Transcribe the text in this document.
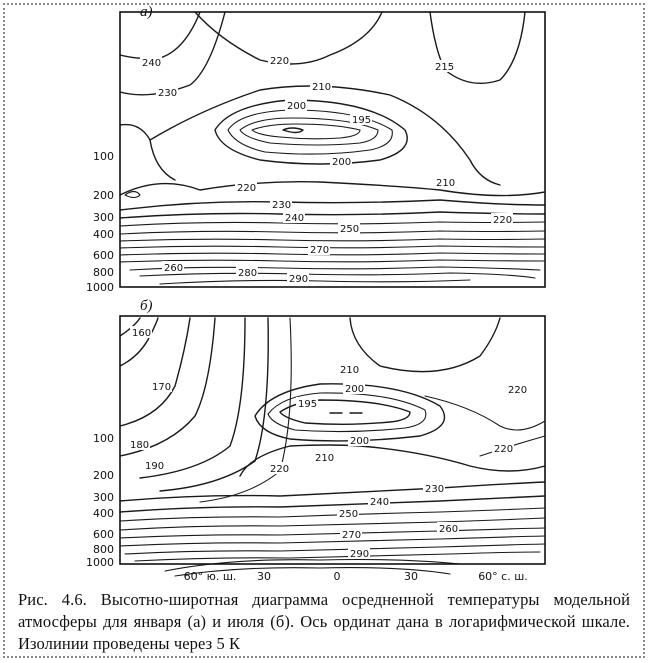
а)
100
200
300
400
600
800
1000
240
230
220
215
210
200
195
200
210
220
230
240
250
220
260
270
280
290
б)
100
200
300
400
600
800
1000
160
170
180
190
210
200
195
200
210
220
220
220
230
240
250
260
270
290
60° ю. ш. 30	0	30	60° с. ш.
Рис. 4.6. Высотно-широтная диаграмма осредненной температуры модельной атмосферы для января (а) и июля (б). Ось ординат дана в логарифмической шкале. Изолинии проведены через 5 К
